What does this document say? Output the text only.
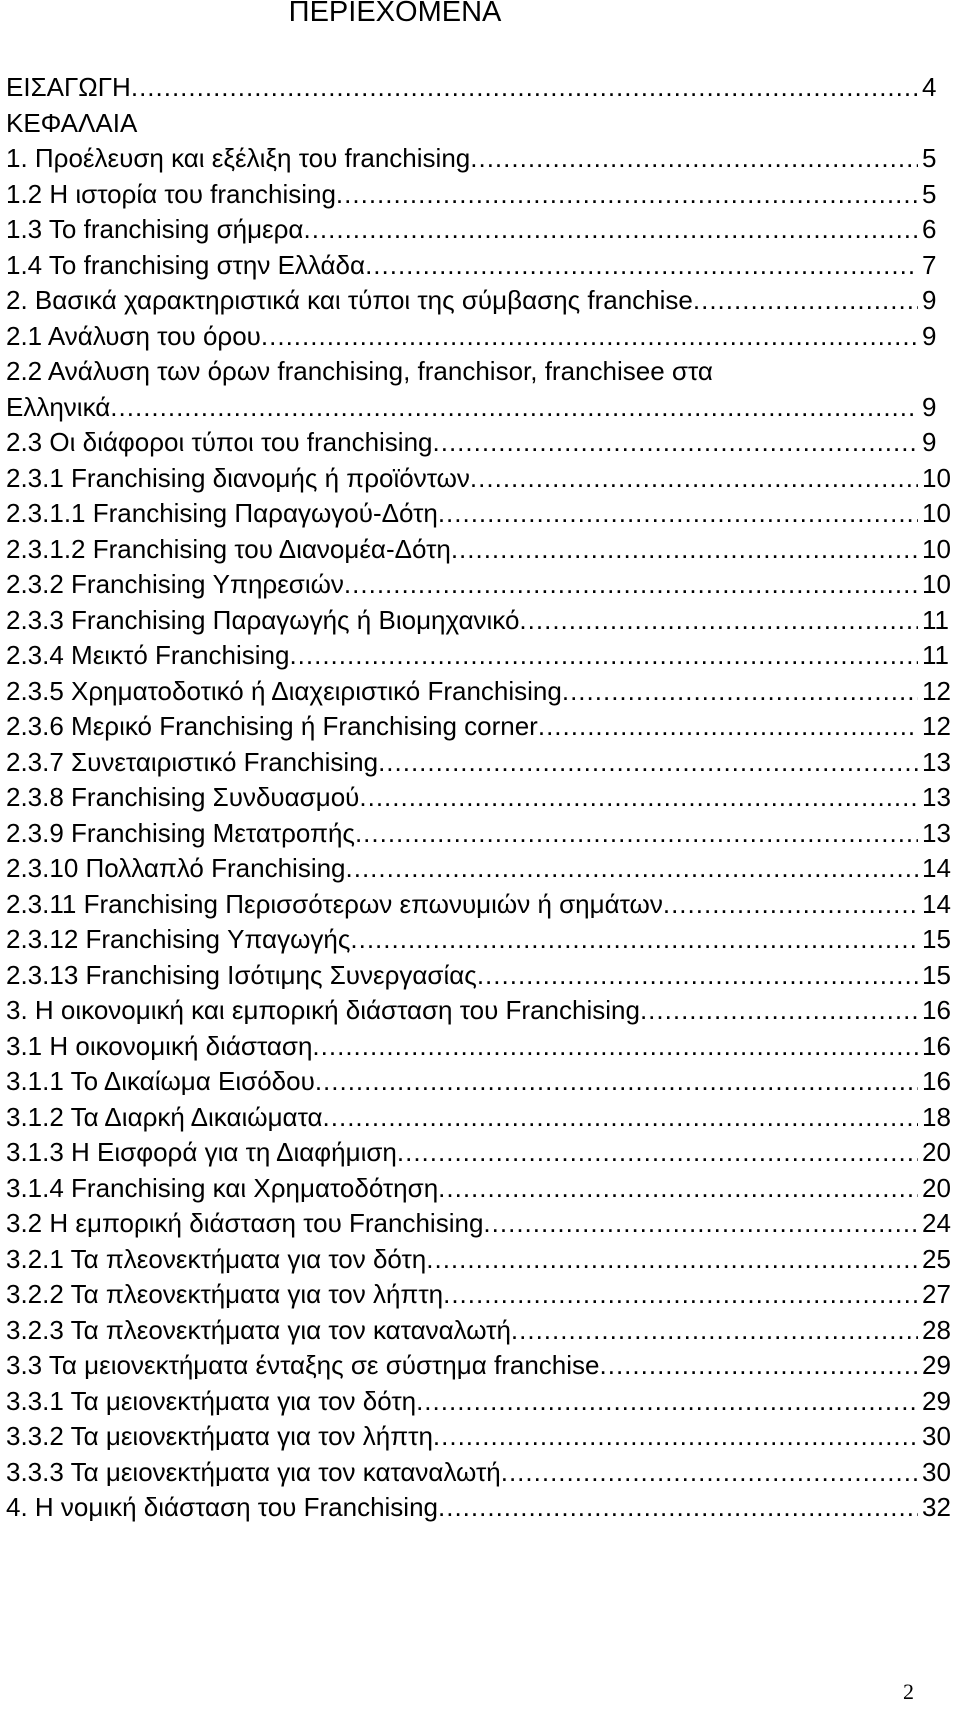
ΠΕΡΙΕΧΟΜΕΝΑ
ΕΙΣΑΓΩΓΗ .....	4
ΚΕΦΑΛΑΙΑ
1. Προέλευση και εξέλιξη του franchising .....	5
1.2 Η ιστορία του franchising .....	5
1.3 Το franchising σήμερα .....	6
1.4 Το franchising στην Ελλάδα .....	7
2. Βασικά χαρακτηριστικά και τύποι της σύμβασης franchise .....	9
2.1 Ανάλυση του όρου .....	9
2.2 Ανάλυση των όρων franchising, franchisor, franchisee στα
Ελληνικά .....	9
2.3 Οι διάφοροι τύποι του franchising .....	9
2.3.1 Franchising διανομής ή προϊόντων .....	10
2.3.1.1 Franchising Παραγωγού-Δότη .....	10
2.3.1.2 Franchising του Διανομέα-Δότη .....	10
2.3.2 Franchising Υπηρεσιών .....	10
2.3.3 Franchising Παραγωγής ή Βιομηχανικό .....	11
2.3.4 Μεικτό Franchising .....	11
2.3.5 Χρηματοδοτικό ή Διαχειριστικό Franchising .....	12
2.3.6 Μερικό Franchising ή Franchising corner .....	12
2.3.7 Συνεταιριστικό Franchising .....	13
2.3.8 Franchising Συνδυασμού .....	13
2.3.9 Franchising Μετατροπής .....	13
2.3.10 Πολλαπλό Franchising .....	14
2.3.11 Franchising Περισσότερων επωνυμιών ή σημάτων .....	14
2.3.12 Franchising Υπαγωγής .....	15
2.3.13 Franchising Ισότιμης Συνεργασίας .....	15
3. Η οικονομική και εμπορική διάσταση του Franchising .....	16
3.1 Η οικονομική διάσταση .....	16
3.1.1 Το Δικαίωμα Εισόδου .....	16
3.1.2 Τα Διαρκή Δικαιώματα .....	18
3.1.3 Η Εισφορά για τη Διαφήμιση .....	20
3.1.4 Franchising και Χρηματοδότηση .....	20
3.2 Η εμπορική διάσταση του Franchising .....	24
3.2.1 Τα πλεονεκτήματα για τον δότη .....	25
3.2.2 Τα πλεονεκτήματα για τον λήπτη .....	27
3.2.3 Τα πλεονεκτήματα για τον καταναλωτή .....	28
3.3 Τα μειονεκτήματα ένταξης σε σύστημα franchise .....	29
3.3.1 Τα μειονεκτήματα για τον δότη .....	29
3.3.2 Τα μειονεκτήματα για τον λήπτη .....	30
3.3.3 Τα μειονεκτήματα για τον καταναλωτή .....	30
4. Η νομική διάσταση του Franchising .....	32
2
